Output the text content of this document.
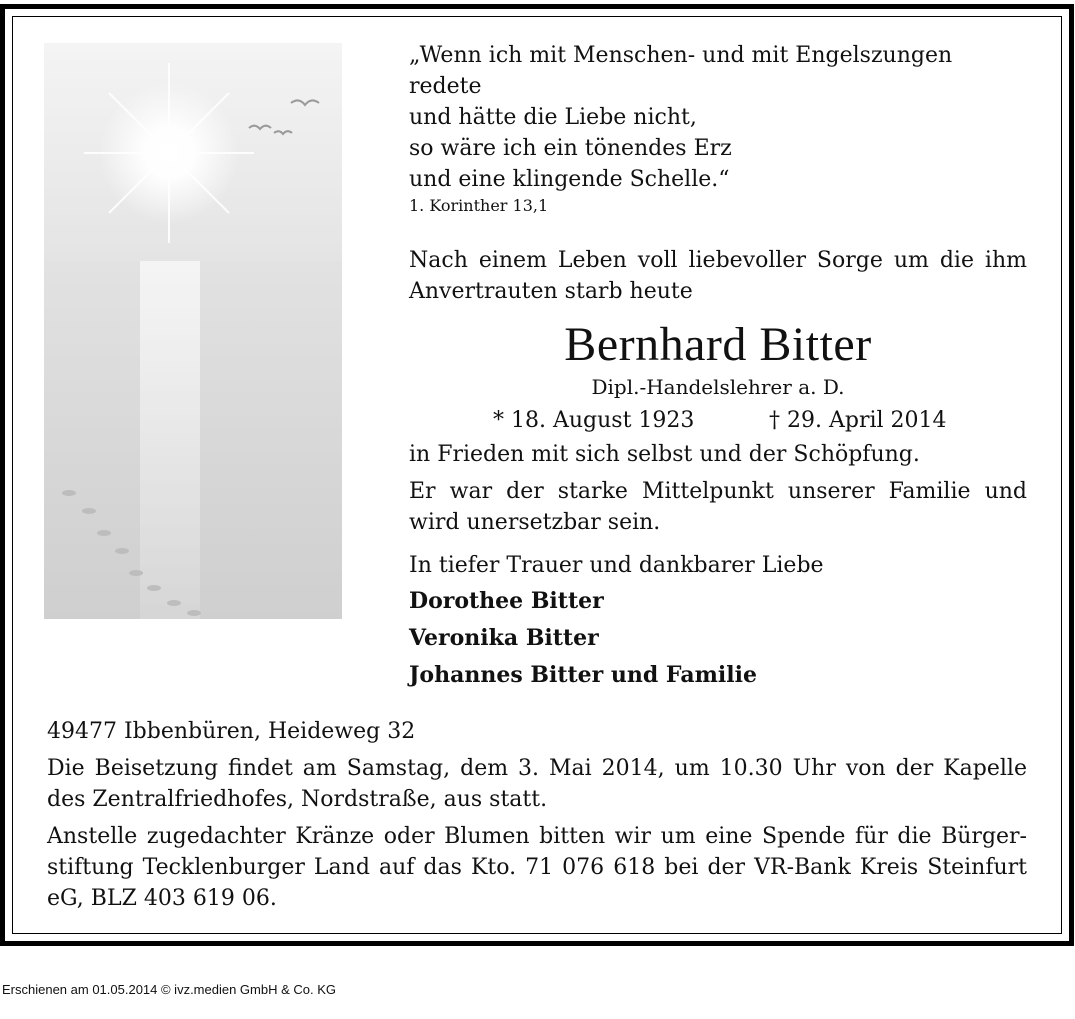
„Wenn ich mit Menschen- und mit Engelszungen redete
und hätte die Liebe nicht,
so wäre ich ein tönendes Erz
und eine klingende Schelle.“

1. Korinther 13,1

Nach einem Leben voll liebevoller Sorge um die ihm Anvertrauten starb heute

Bernhard Bitter

Dipl.-Handelslehrer a. D.

* 18. August 1923	† 29. April 2014

in Frieden mit sich selbst und der Schöpfung.

Er war der starke Mittelpunkt unserer Familie und wird unersetzbar sein.

In tiefer Trauer und dankbarer Liebe

Dorothee Bitter

Veronika Bitter

Johannes Bitter und Familie

49477 Ibbenbüren, Heideweg 32

Die Beisetzung findet am Samstag, dem 3. Mai 2014, um 10.30 Uhr von der Kapelle des Zentralfriedhofes, Nordstraße, aus statt.

Anstelle zugedachter Kränze oder Blumen bitten wir um eine Spende für die Bürger-stiftung Tecklenburger Land auf das Kto. 71 076 618 bei der VR-Bank Kreis Steinfurt eG, BLZ 403 619 06.

Erschienen am 01.05.2014 © ivz.medien GmbH & Co. KG
